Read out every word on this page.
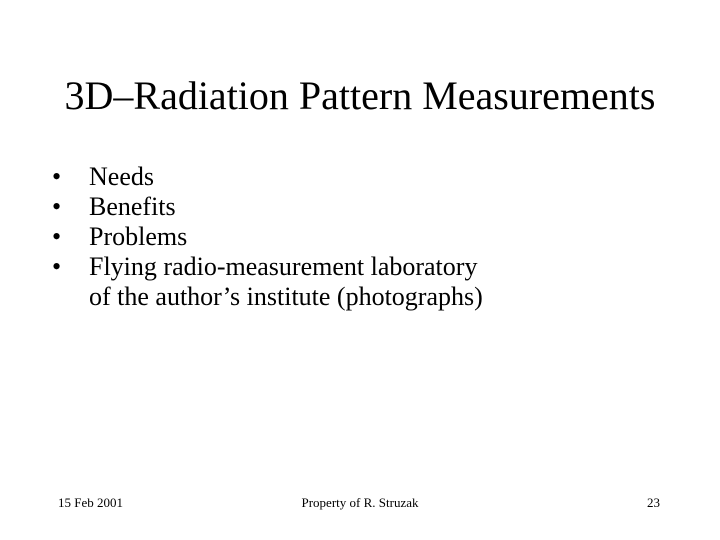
3D–Radiation Pattern Measurements
•	Needs
•	Benefits
•	Problems
•	Flying radio-measurement laboratory
of the author’s institute (photographs)
15 Feb 2001	Property of R. Struzak	23
